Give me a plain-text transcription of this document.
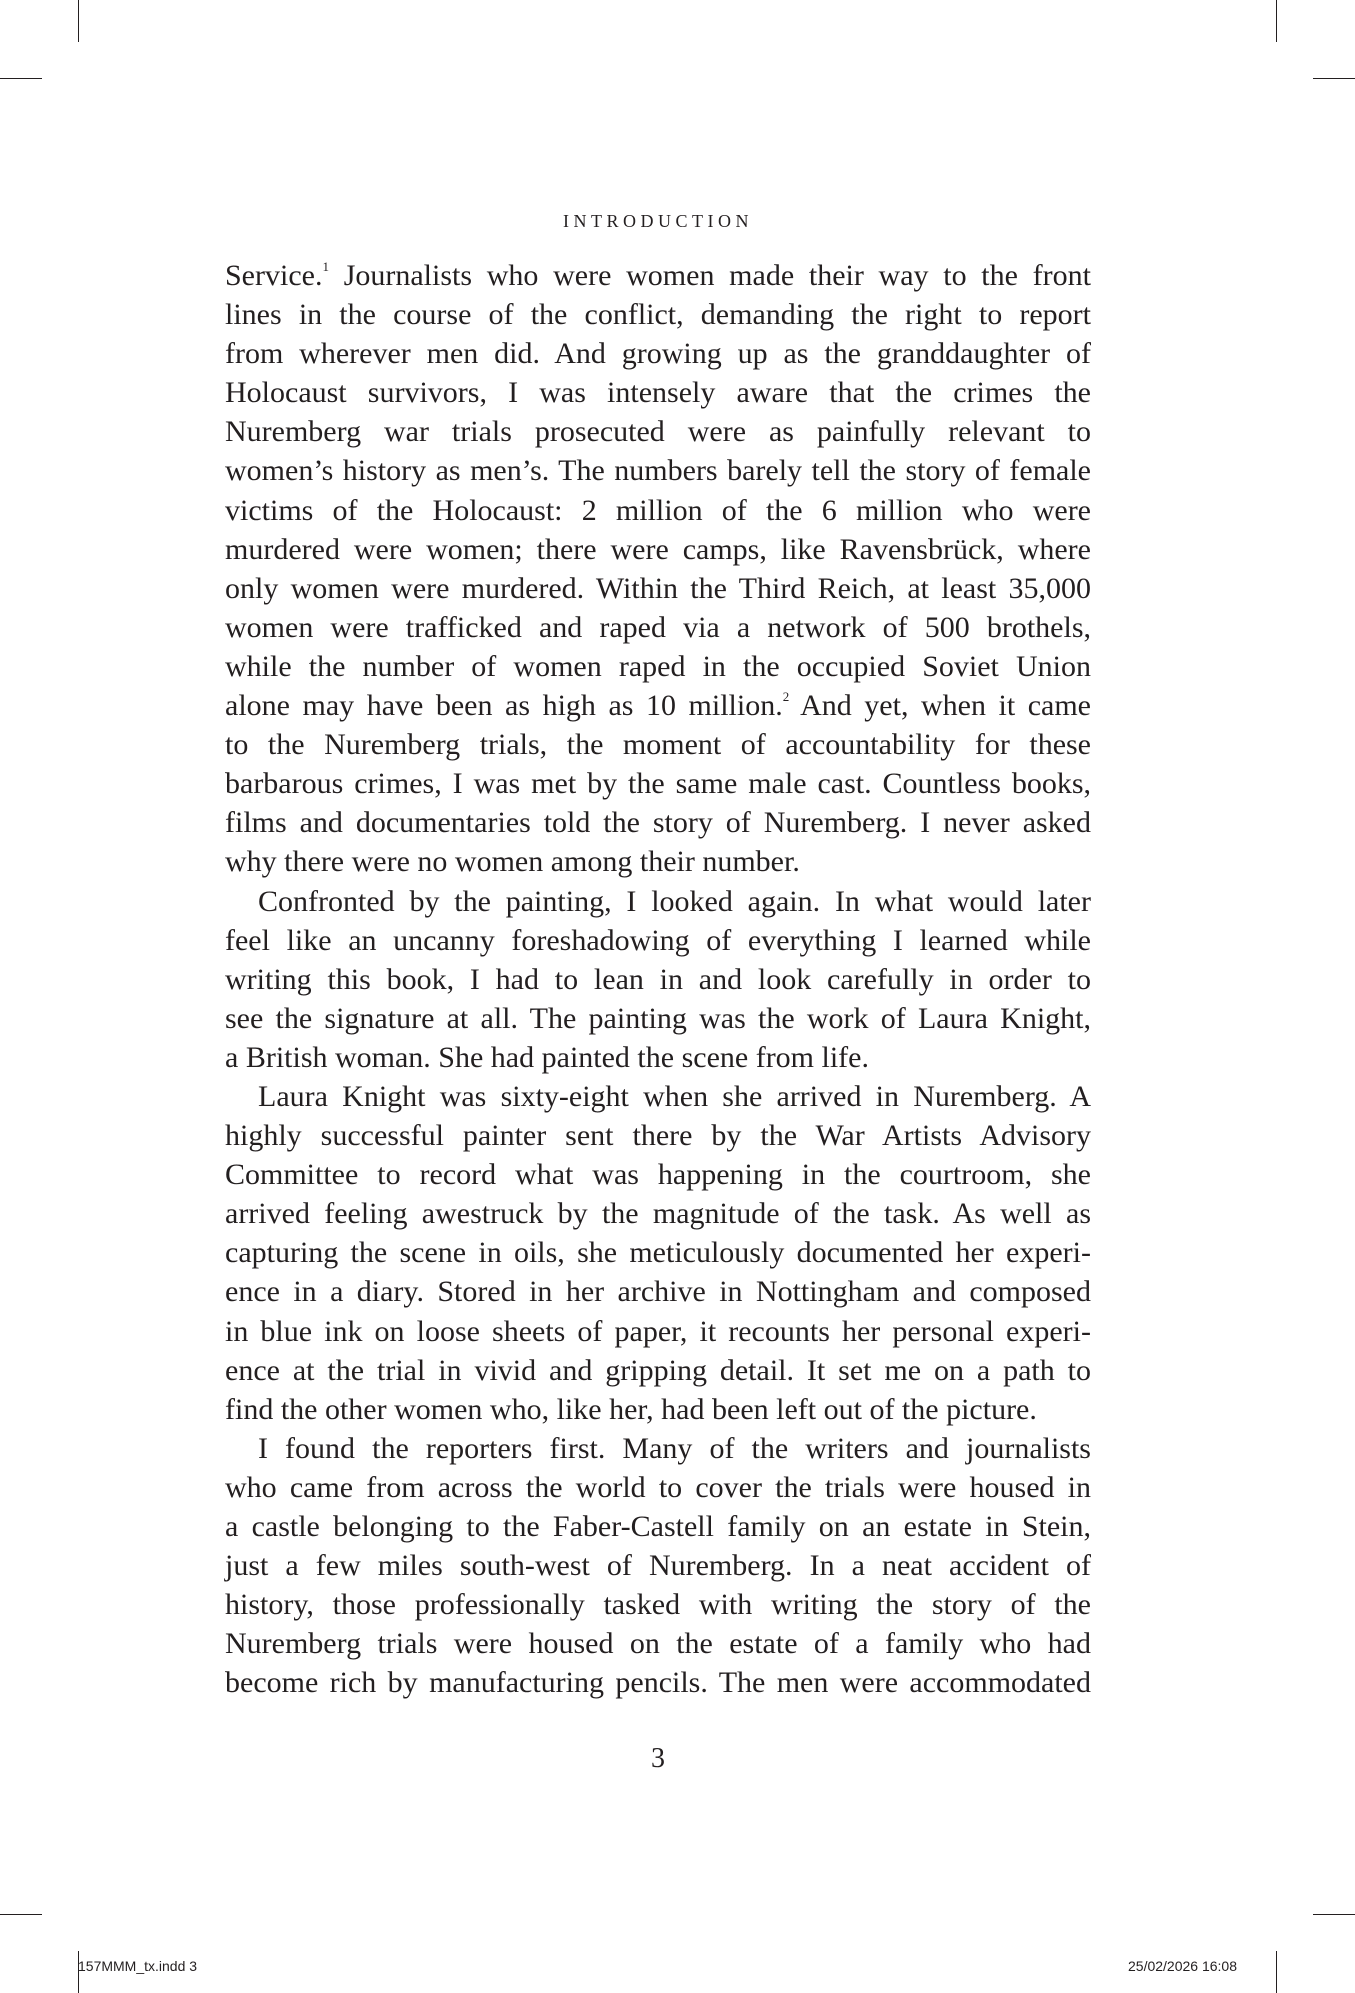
INTRODUCTION
Service.$^1$ Journalists who were women made their way to the front
lines in the course of the conflict, demanding the right to report
from wherever men did. And growing up as the granddaughter of
Holocaust survivors, I was intensely aware that the crimes the
Nuremberg war trials prosecuted were as painfully relevant to
women’s history as men’s. The numbers barely tell the story of female
victims of the Holocaust: 2 million of the 6 million who were
murdered were women; there were camps, like Ravensbrück, where
only women were murdered. Within the Third Reich, at least 35,000
women were trafficked and raped via a network of 500 brothels,
while the number of women raped in the occupied Soviet Union
alone may have been as high as 10 million.$^2$ And yet, when it came
to the Nuremberg trials, the moment of accountability for these
barbarous crimes, I was met by the same male cast. Countless books,
films and documentaries told the story of Nuremberg. I never asked
why there were no women among their number.
Confronted by the painting, I looked again. In what would later
feel like an uncanny foreshadowing of everything I learned while
writing this book, I had to lean in and look carefully in order to
see the signature at all. The painting was the work of Laura Knight,
a British woman. She had painted the scene from life.
Laura Knight was sixty-eight when she arrived in Nuremberg. A
highly successful painter sent there by the War Artists Advisory
Committee to record what was happening in the courtroom, she
arrived feeling awestruck by the magnitude of the task. As well as
capturing the scene in oils, she meticulously documented her experi-
ence in a diary. Stored in her archive in Nottingham and composed
in blue ink on loose sheets of paper, it recounts her personal experi-
ence at the trial in vivid and gripping detail. It set me on a path to
find the other women who, like her, had been left out of the picture.
I found the reporters first. Many of the writers and journalists
who came from across the world to cover the trials were housed in
a castle belonging to the Faber-Castell family on an estate in Stein,
just a few miles south-west of Nuremberg. In a neat accident of
history, those professionally tasked with writing the story of the
Nuremberg trials were housed on the estate of a family who had
become rich by manufacturing pencils. The men were accommodated
3
157MMM_tx.indd 3	25/02/2026 16:08
